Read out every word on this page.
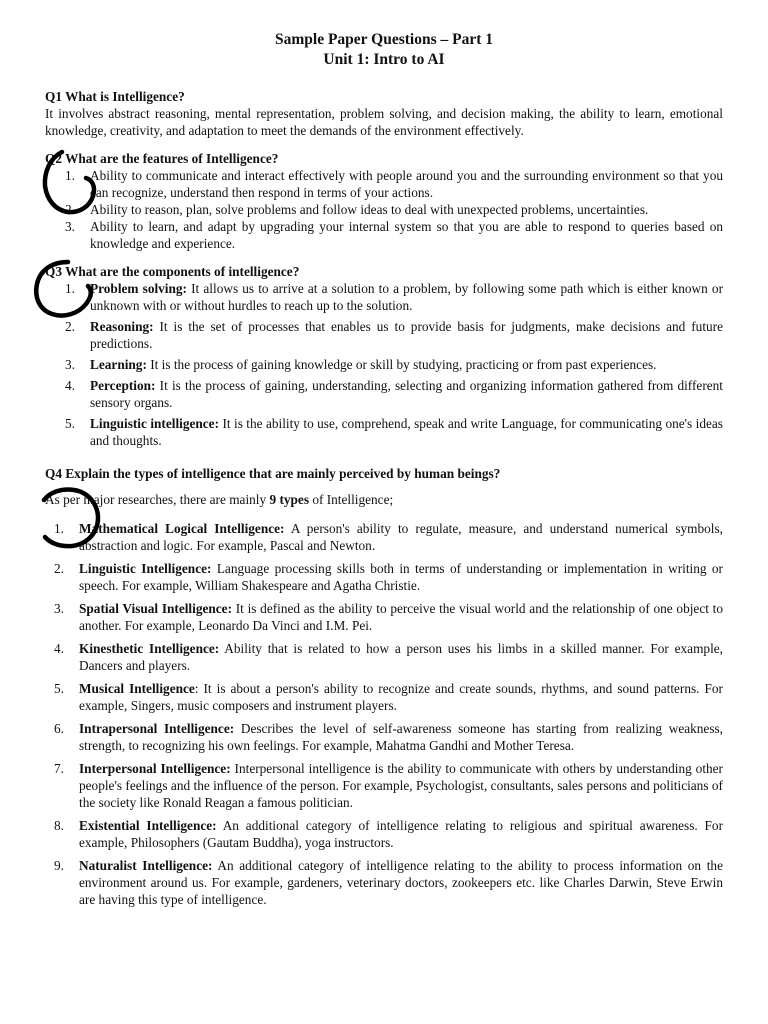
Sample Paper Questions – Part 1
Unit 1: Intro to AI
Q1 What is Intelligence?
It involves abstract reasoning, mental representation, problem solving, and decision making, the ability to learn, emotional knowledge, creativity, and adaptation to meet the demands of the environment effectively.
Q2 What are the features of Intelligence?
1. Ability to communicate and interact effectively with people around you and the surrounding environment so that you can recognize, understand then respond in terms of your actions.
2. Ability to reason, plan, solve problems and follow ideas to deal with unexpected problems, uncertainties.
3. Ability to learn, and adapt by upgrading your internal system so that you are able to respond to queries based on knowledge and experience.
Q3 What are the components of intelligence?
1. Problem solving: It allows us to arrive at a solution to a problem, by following some path which is either known or unknown with or without hurdles to reach up to the solution.
2. Reasoning: It is the set of processes that enables us to provide basis for judgments, make decisions and future predictions.
3. Learning: It is the process of gaining knowledge or skill by studying, practicing or from past experiences.
4. Perception: It is the process of gaining, understanding, selecting and organizing information gathered from different sensory organs.
5. Linguistic intelligence: It is the ability to use, comprehend, speak and write Language, for communicating one's ideas and thoughts.
Q4 Explain the types of intelligence that are mainly perceived by human beings?
As per major researches, there are mainly 9 types of Intelligence;
1. Mathematical Logical Intelligence: A person's ability to regulate, measure, and understand numerical symbols, abstraction and logic. For example, Pascal and Newton.
2. Linguistic Intelligence: Language processing skills both in terms of understanding or implementation in writing or speech. For example, William Shakespeare and Agatha Christie.
3. Spatial Visual Intelligence: It is defined as the ability to perceive the visual world and the relationship of one object to another. For example, Leonardo Da Vinci and I.M. Pei.
4. Kinesthetic Intelligence: Ability that is related to how a person uses his limbs in a skilled manner. For example, Dancers and players.
5. Musical Intelligence: It is about a person's ability to recognize and create sounds, rhythms, and sound patterns. For example, Singers, music composers and instrument players.
6. Intrapersonal Intelligence: Describes the level of self-awareness someone has starting from realizing weakness, strength, to recognizing his own feelings. For example, Mahatma Gandhi and Mother Teresa.
7. Interpersonal Intelligence: Interpersonal intelligence is the ability to communicate with others by understanding other people's feelings and the influence of the person. For example, Psychologist, consultants, sales persons and politicians of the society like Ronald Reagan a famous politician.
8. Existential Intelligence: An additional category of intelligence relating to religious and spiritual awareness. For example, Philosophers (Gautam Buddha), yoga instructors.
9. Naturalist Intelligence: An additional category of intelligence relating to the ability to process information on the environment around us. For example, gardeners, veterinary doctors, zookeepers etc. like Charles Darwin, Steve Erwin are having this type of intelligence.
